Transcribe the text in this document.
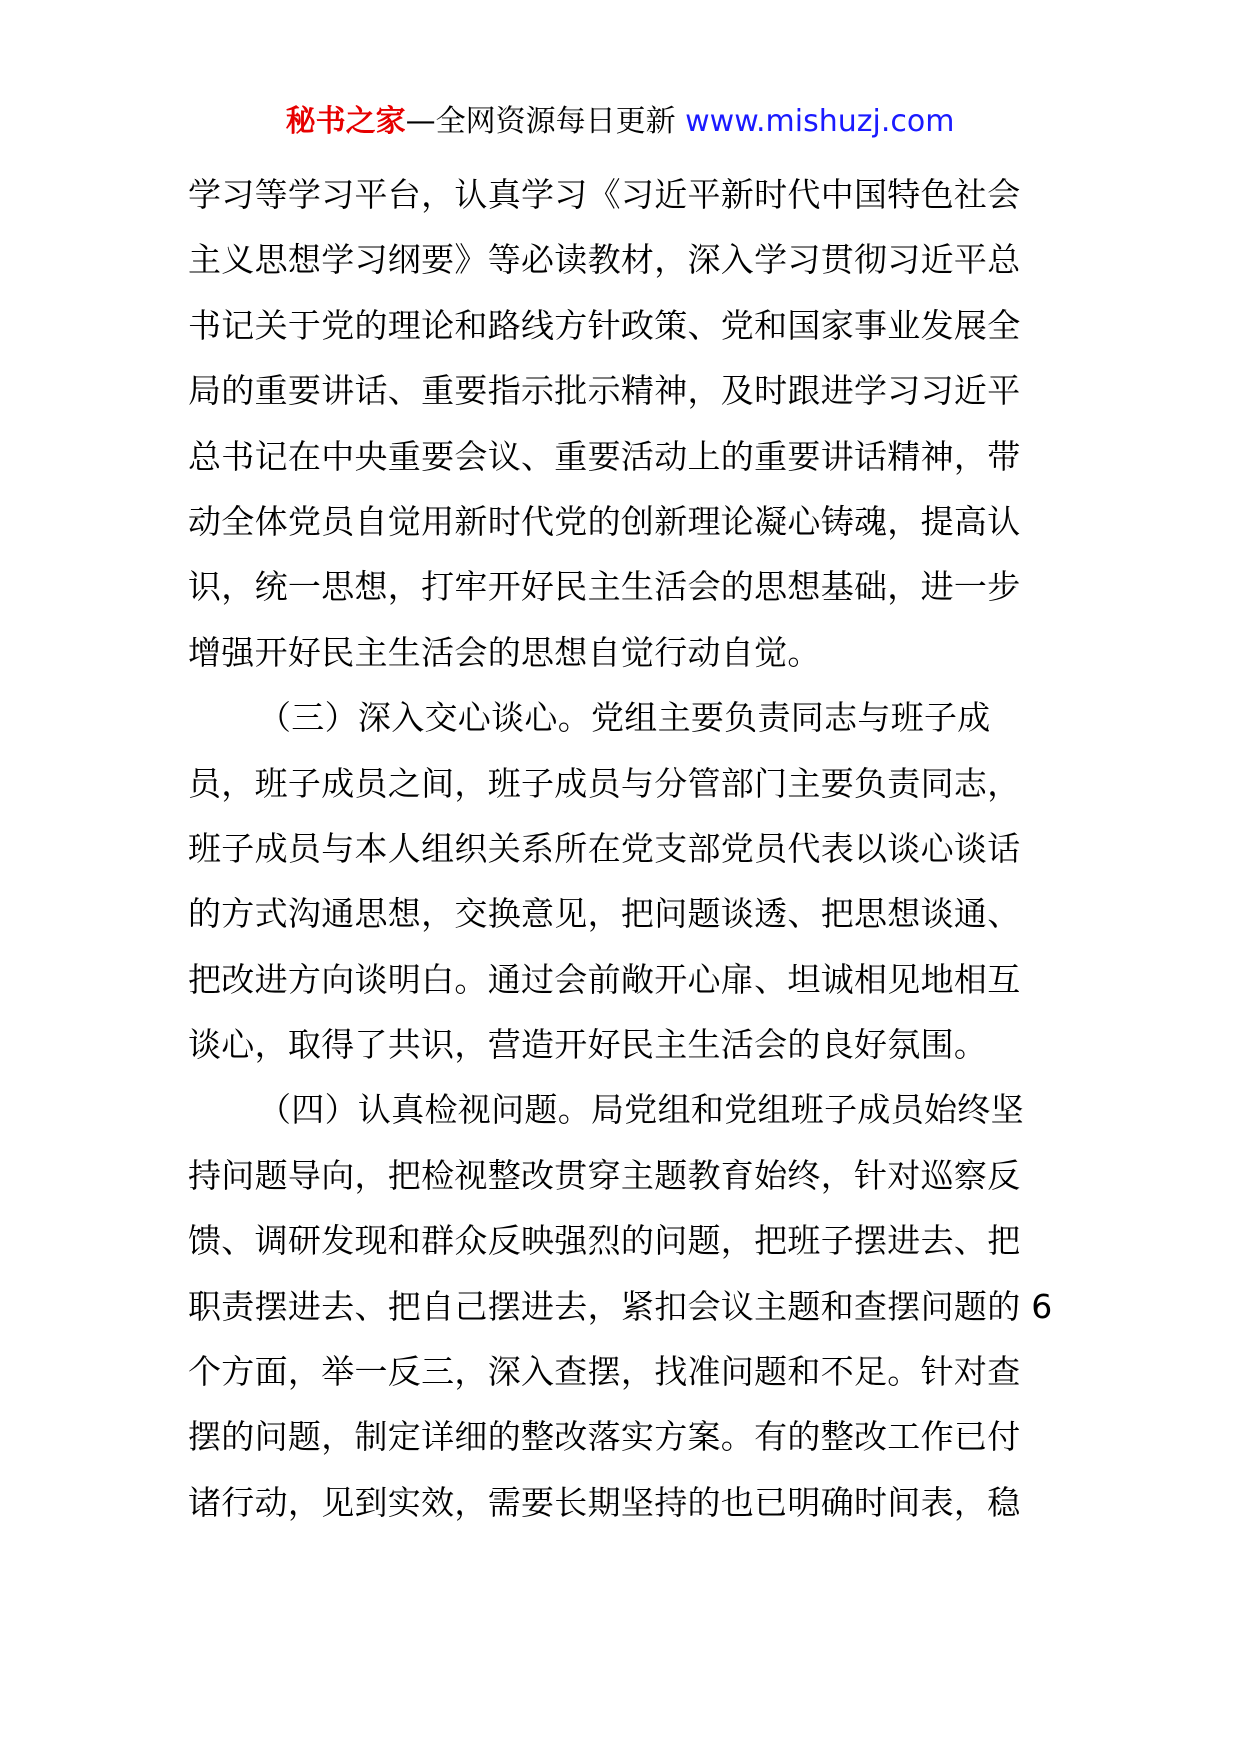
秘书之家—全网资源每日更新 www.mishuzj.com
学习等学习平台，认真学习《习近平新时代中国特色社会
主义思想学习纲要》等必读教材，深入学习贯彻习近平总
书记关于党的理论和路线方针政策、党和国家事业发展全
局的重要讲话、重要指示批示精神，及时跟进学习习近平
总书记在中央重要会议、重要活动上的重要讲话精神，带
动全体党员自觉用新时代党的创新理论凝心铸魂，提高认
识，统一思想，打牢开好民主生活会的思想基础，进一步
增强开好民主生活会的思想自觉行动自觉。
（三）深入交心谈心。党组主要负责同志与班子成
员，班子成员之间，班子成员与分管部门主要负责同志，
班子成员与本人组织关系所在党支部党员代表以谈心谈话
的方式沟通思想，交换意见，把问题谈透、把思想谈通、
把改进方向谈明白。通过会前敞开心扉、坦诚相见地相互
谈心，取得了共识，营造开好民主生活会的良好氛围。
（四）认真检视问题。局党组和党组班子成员始终坚
持问题导向，把检视整改贯穿主题教育始终，针对巡察反
馈、调研发现和群众反映强烈的问题，把班子摆进去、把
职责摆进去、把自己摆进去，紧扣会议主题和查摆问题的 6
个方面，举一反三，深入查摆，找准问题和不足。针对查
摆的问题，制定详细的整改落实方案。有的整改工作已付
诸行动，见到实效，需要长期坚持的也已明确时间表，稳
